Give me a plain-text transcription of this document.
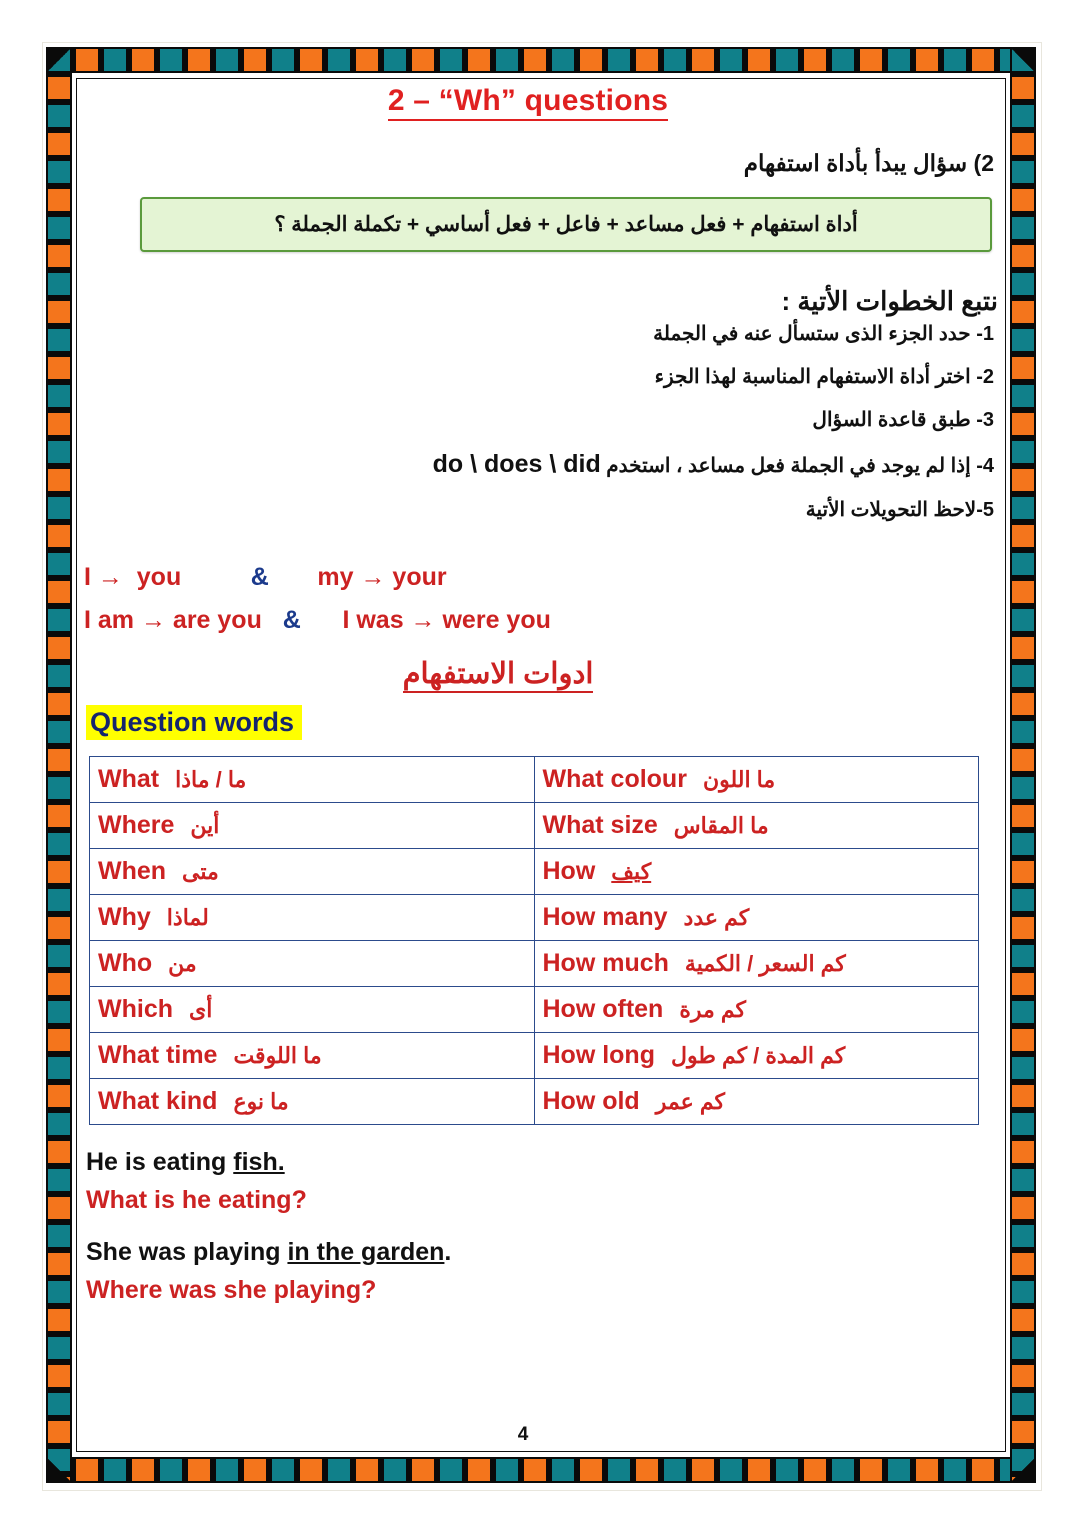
2 – “Wh” questions
2) سؤال يبدأ بأداة استفهام
أداة استفهام + فعل مساعد + فاعل + فعل أساسي + تكملة الجملة ؟
نتبع الخطوات الأتية :
1- حدد الجزء الذى ستسأل عنه في الجملة
2- اختر أداة الاستفهام المناسبة لهذا الجزء
3- طبق قاعدة السؤال
4- إذا لم يوجد في الجملة فعل مساعد ، استخدم do \ does \ did
5-لاحظ التحويلات الأتية
I →  you	& my → your
I am → are you & I was → were you
ادوات الاستفهام
Question words
What ما / ماذا	What colour ما اللون

Where أين	What size ما المقاس

When متى	How كيف

Why لماذا	How many كم عدد

Who من	How much كم السعر / الكمية

Which أى	How often كم مرة

What time ما اللوقت	How long كم المدة / كم طول

What kind ما نوع	How old كم عمر
He is eating fish.
What is he eating?
She was playing in the garden.
Where was she playing?
4
